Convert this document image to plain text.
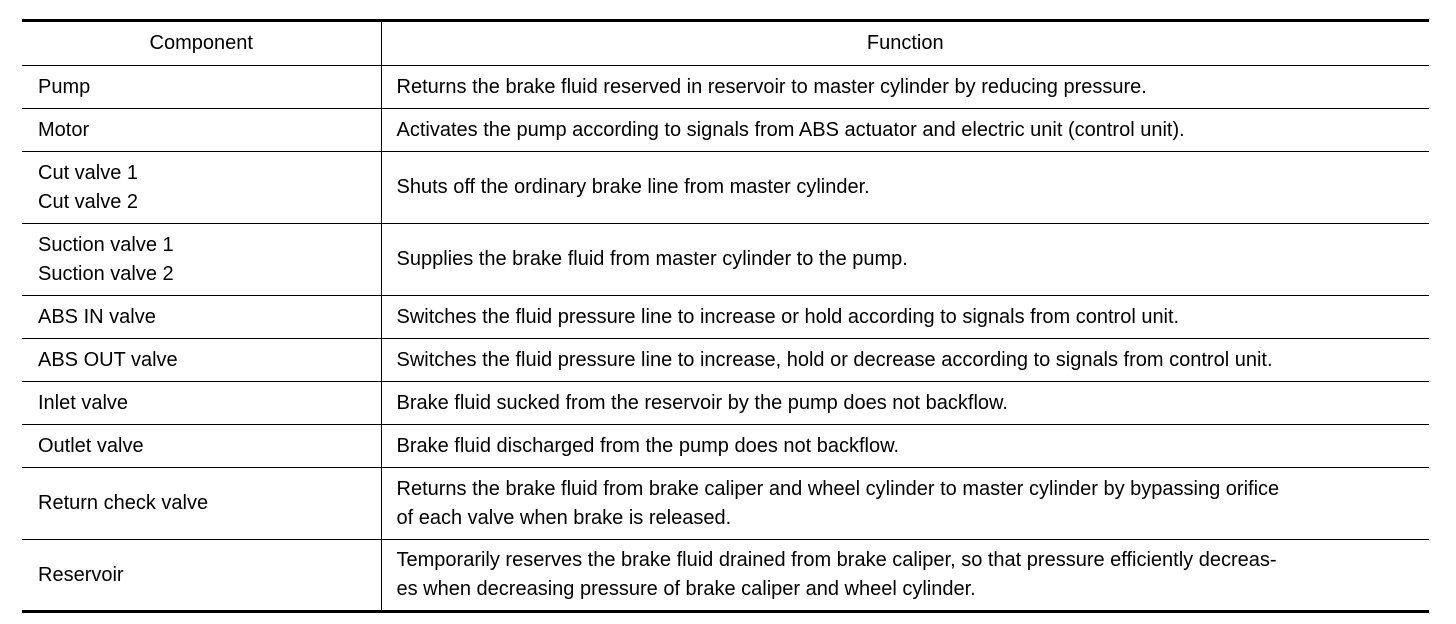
Component	Function

Pump	Returns the brake fluid reserved in reservoir to master cylinder by reducing pressure.

Motor	Activates the pump according to signals from ABS actuator and electric unit (control unit).

Cut valve 1
Cut valve 2	Shuts off the ordinary brake line from master cylinder.

Suction valve 1
Suction valve 2	Supplies the brake fluid from master cylinder to the pump.

ABS IN valve	Switches the fluid pressure line to increase or hold according to signals from control unit.

ABS OUT valve	Switches the fluid pressure line to increase, hold or decrease according to signals from control unit.

Inlet valve	Brake fluid sucked from the reservoir by the pump does not backflow.

Outlet valve	Brake fluid discharged from the pump does not backflow.

Return check valve	Returns the brake fluid from brake caliper and wheel cylinder to master cylinder by bypassing orifice
of each valve when brake is released.

Reservoir	Temporarily reserves the brake fluid drained from brake caliper, so that pressure efficiently decreas-
es when decreasing pressure of brake caliper and wheel cylinder.
